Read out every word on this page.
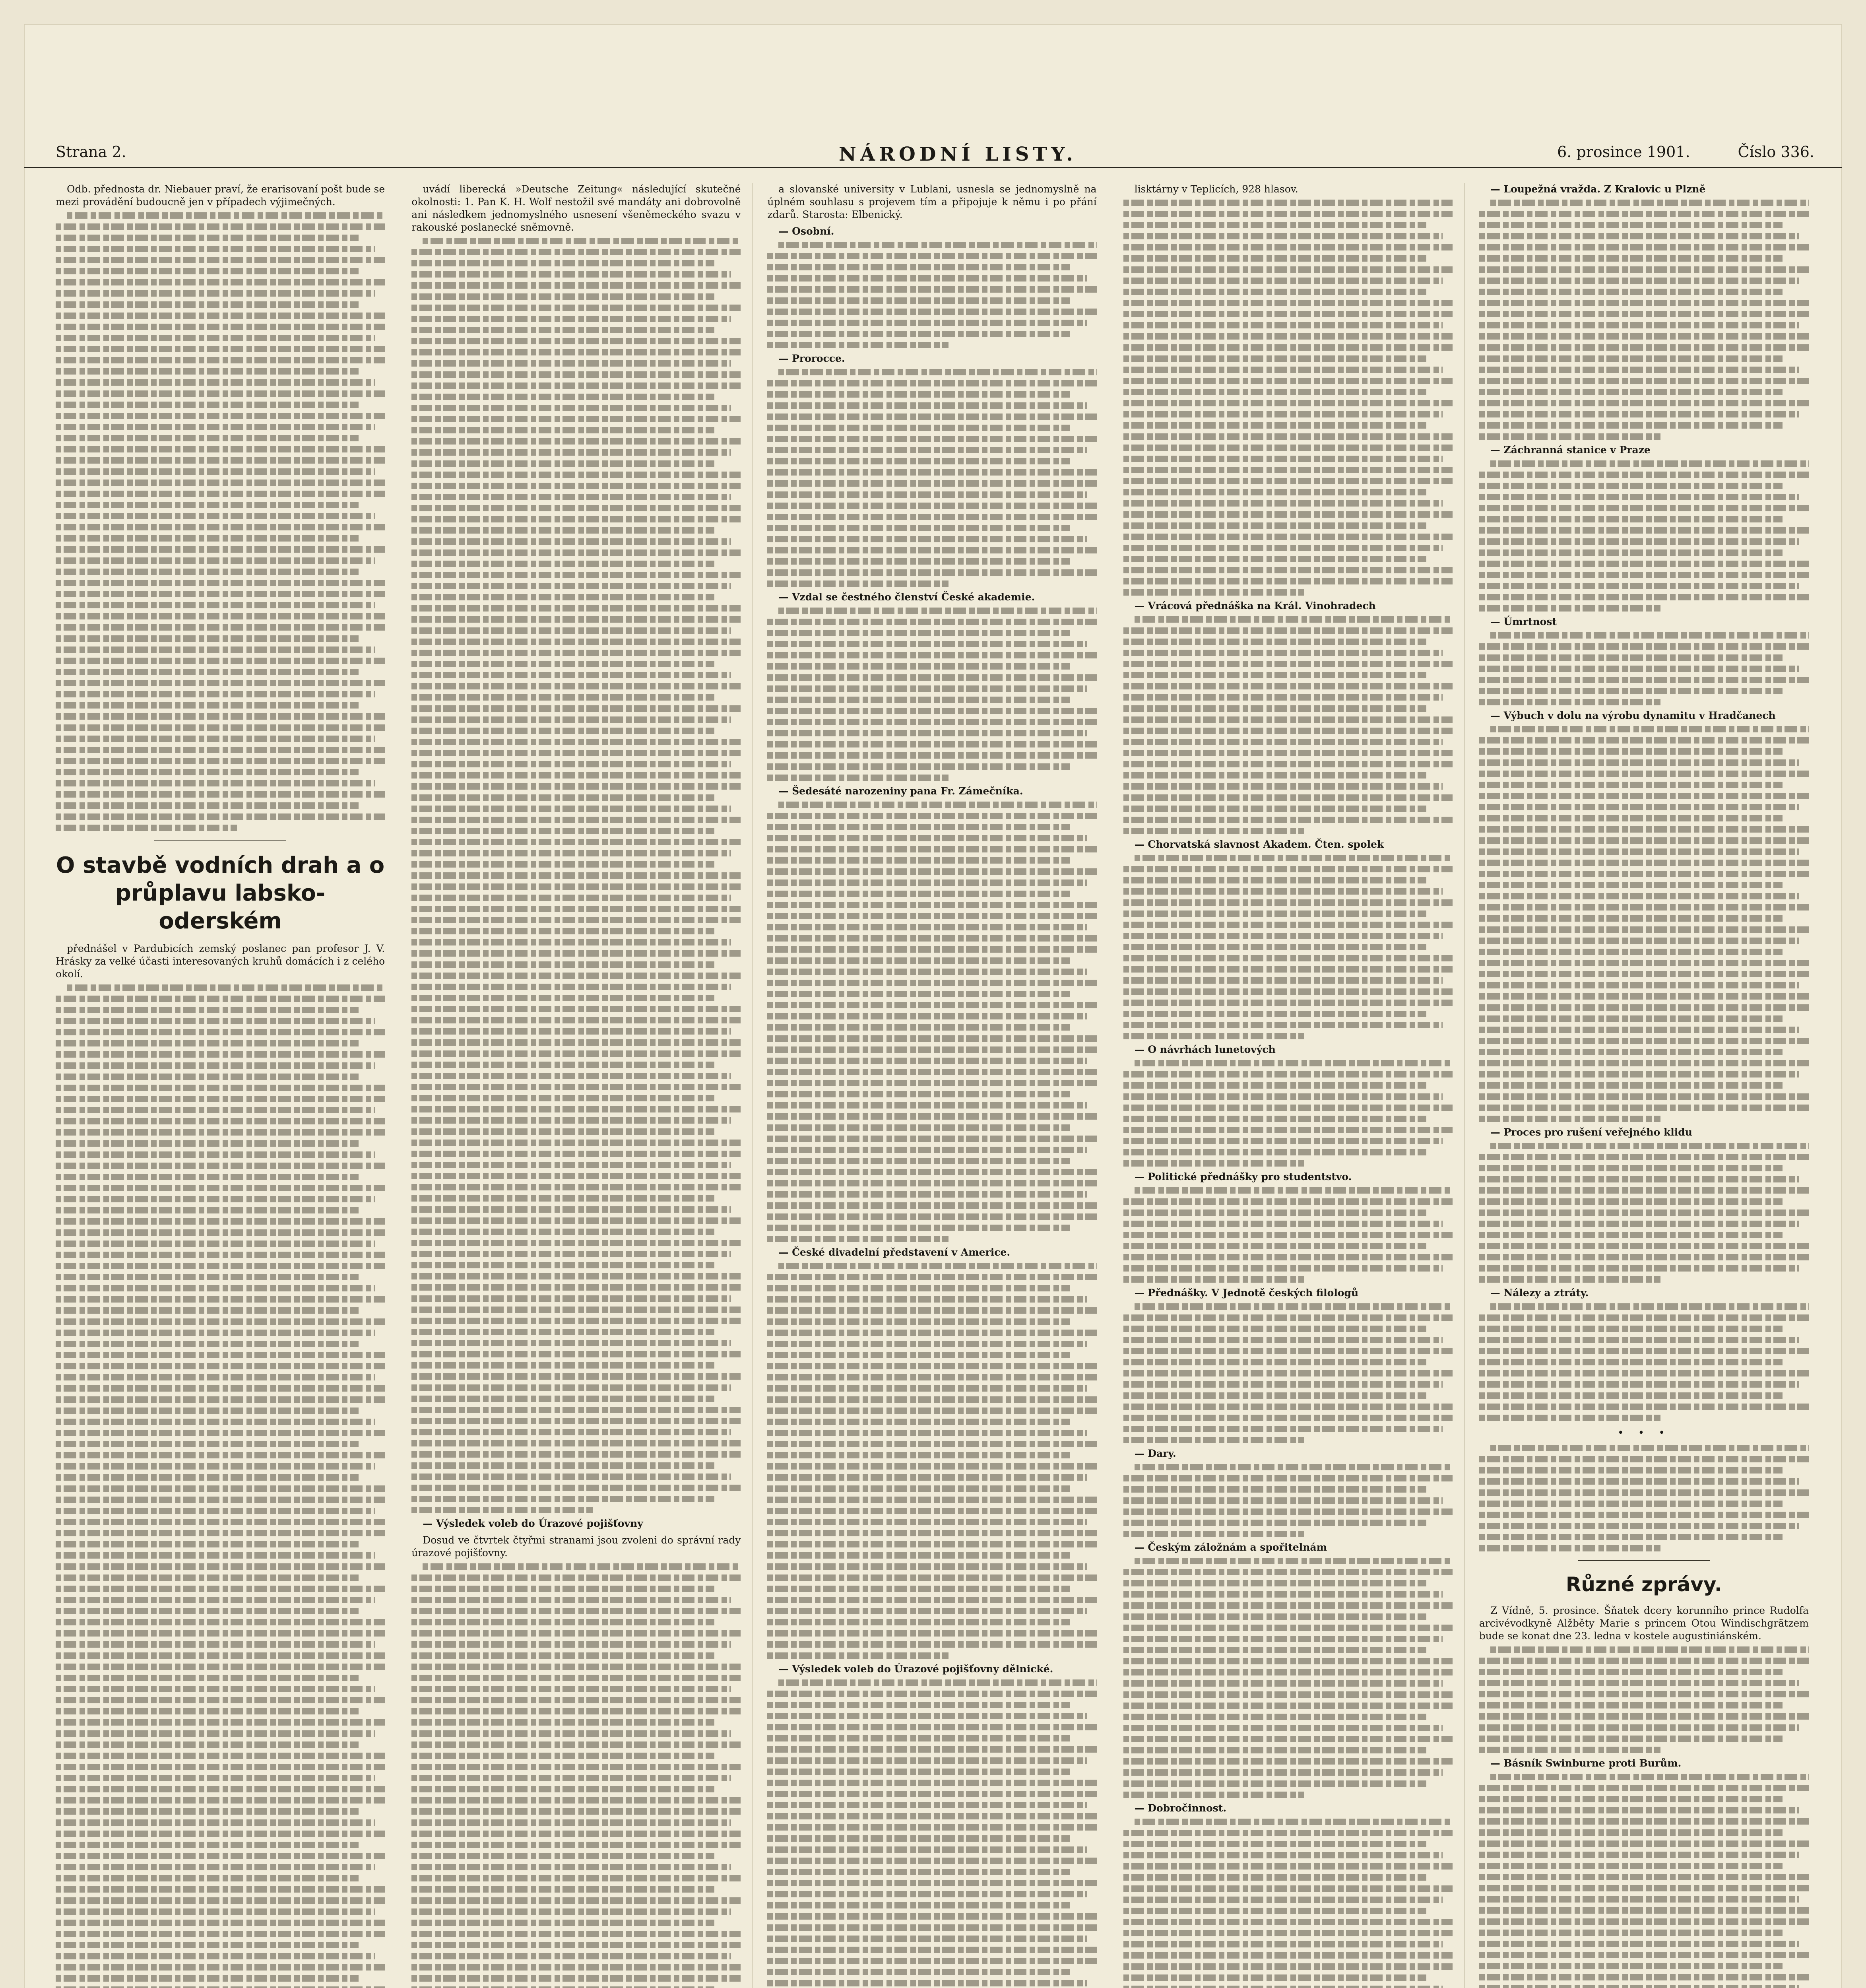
Strana 2.	NÁRODNÍ LISTY.	6. prosince 1901.	Číslo 336.

Odb. přednosta dr. Niebauer praví, že erarisovaní pošt bude se mezi provádění budoucně jen v případech výjimečných.

O stavbě vodních drah a o průplavu labsko-oderském

přednášel v Pardubicích zemský poslanec pan profesor J. V. Hrásky za velké účasti interesovaných kruhů domácích i z celého okolí.

uvádí liberecká »Deutsche Zeitung« následující skutečné okolnosti: 1. Pan K. H. Wolf nestožil své mandáty ani dobrovolně ani následkem jednomyslného usnesení všeněmeckého svazu v rakouské poslanecké sněmovně.

— Výsledek voleb do Úrazové pojišťovny

Dosud ve čtvrtek čtyřmi stranami jsou zvoleni do správní rady úrazové pojišťovny.

a slovanské university v Lublani, usnesla se jednomyslně na úplném souhlasu s projevem tím a připojuje k němu i po přání zdarů. Starosta: Elbenický.

— Osobní.

— Prorocce.

— Vzdal se čestného členství České akademie.

— Šedesáté narozeniny pana Fr. Zámečníka.

— České divadelní představení v Americe.

— Výsledek voleb do Úrazové pojišťovny dělnické.

lisktárny v Teplicích, 928 hlasov.

— Vrácová přednáška na Král. Vinohradech

— Chorvatská slavnost Akadem. Čten. spolek

— O návrhách lunetových

— Politické přednášky pro studentstvo.

— Přednášky. V Jednotě českých filologů

— Dary.

— Českým záložnám a spořitelnám

— Dobročinnost.

— Loupežná vražda. Z Kralovic u Plzně

— Záchranná stanice v Praze

— Úmrtnost

— Výbuch v dolu na výrobu dynamitu v Hradčanech

— Proces pro rušení veřejného klidu

— Nálezy a ztráty.

• • •
Různé zprávy.

Z Vídně, 5. prosince. Šňatek dcery korunního prince Rudolfa arcivévodkyně Alžběty Marie s princem Otou Windischgrätzem bude se konat dne 23. ledna v kostele augustiniánském.

— Básník Swinburne proti Burům.
